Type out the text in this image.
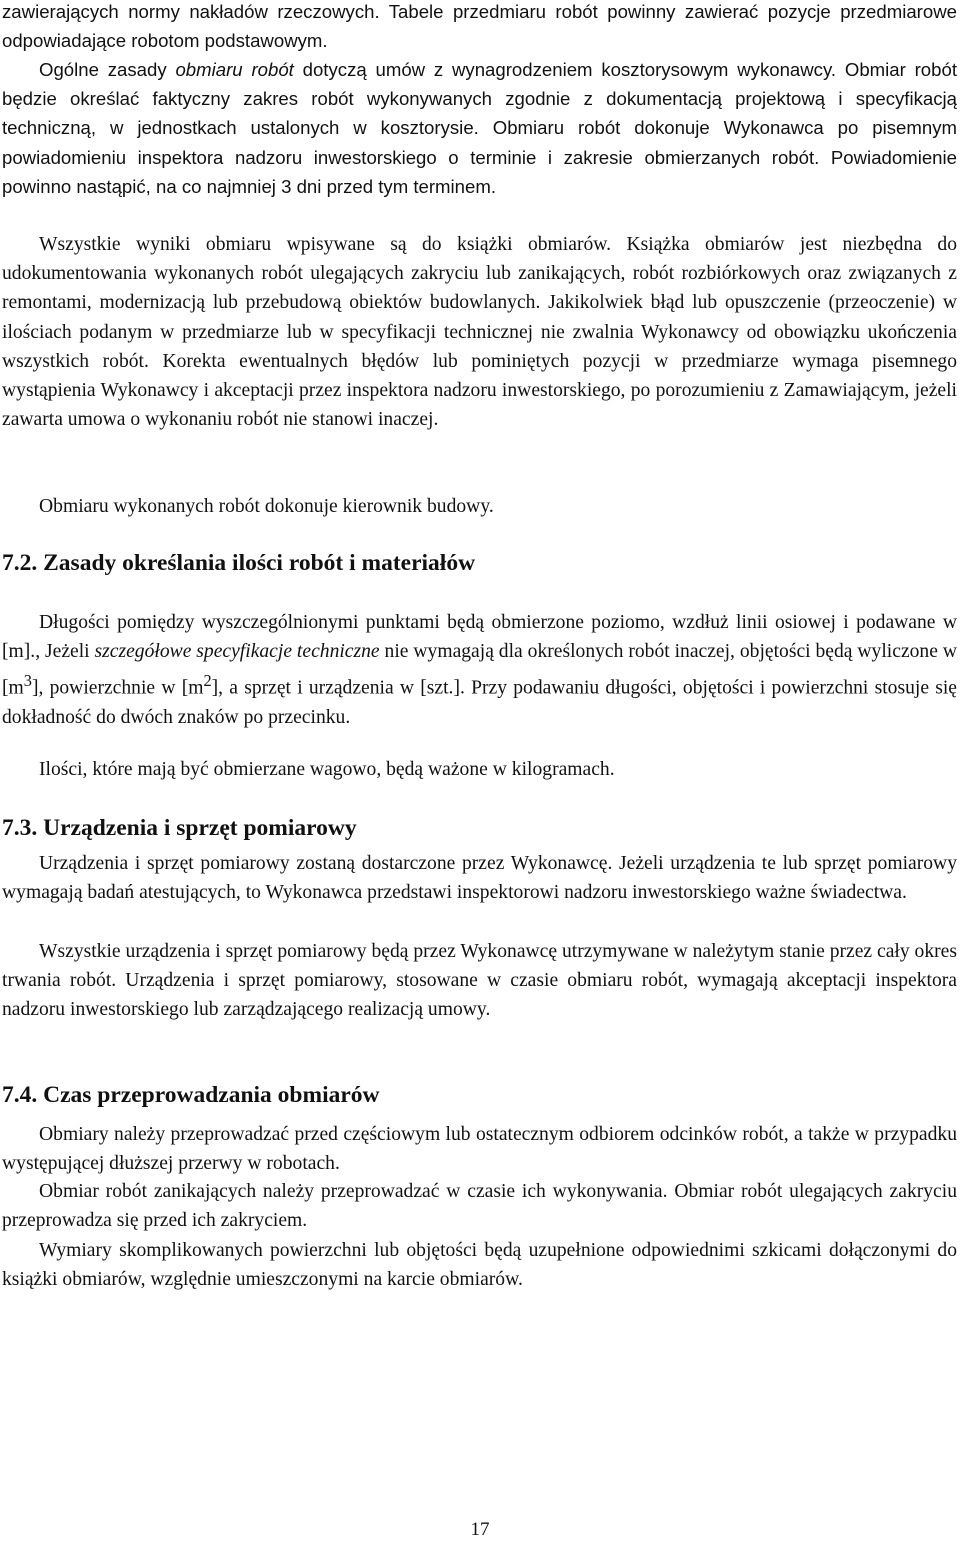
zawierających normy nakładów rzeczowych. Tabele przedmiaru robót powinny zawierać pozycje przedmiarowe odpowiadające robotom podstawowym.

Ogólne zasady obmiaru robót dotyczą umów z wynagrodzeniem kosztorysowym wykonawcy. Obmiar robót będzie określać faktyczny zakres robót wykonywanych zgodnie z dokumentacją projektową i specyfikacją techniczną, w jednostkach ustalonych w kosztorysie. Obmiaru robót dokonuje Wykonawca po pisemnym powiadomieniu inspektora nadzoru inwestorskiego o terminie i zakresie obmierzanych robót. Powiadomienie powinno nastąpić, na co najmniej 3 dni przed tym terminem.

Wszystkie wyniki obmiaru wpisywane są do książki obmiarów. Książka obmiarów jest niezbędna do udokumentowania wykonanych robót ulegających zakryciu lub zanikających, robót rozbiórkowych oraz związanych z remontami, modernizacją lub przebudową obiektów budowlanych. Jakikolwiek błąd lub opuszczenie (przeoczenie) w ilościach podanym w przedmiarze lub w specyfikacji technicznej nie zwalnia Wykonawcy od obowiązku ukończenia wszystkich robót. Korekta ewentualnych błędów lub pominiętych pozycji w przedmiarze wymaga pisemnego wystąpienia Wykonawcy i akceptacji przez inspektora nadzoru inwestorskiego, po porozumieniu z Zamawiającym, jeżeli zawarta umowa o wykonaniu robót nie stanowi inaczej.

Obmiaru wykonanych robót dokonuje kierownik budowy.

7.2. Zasady określania ilości robót i materiałów

Długości pomiędzy wyszczególnionymi punktami będą obmierzone poziomo, wzdłuż linii osiowej i podawane w [m]., Jeżeli szczegółowe specyfikacje techniczne nie wymagają dla określonych robót inaczej, objętości będą wyliczone w $[m^3]$, powierzchnie w $[m^2]$, a sprzęt i urządzenia w [szt.]. Przy podawaniu długości, objętości i powierzchni stosuje się dokładność do dwóch znaków po przecinku.

Ilości, które mają być obmierzane wagowo, będą ważone w kilogramach.

7.3. Urządzenia i sprzęt pomiarowy

Urządzenia i sprzęt pomiarowy zostaną dostarczone przez Wykonawcę. Jeżeli urządzenia te lub sprzęt pomiarowy wymagają badań atestujących, to Wykonawca przedstawi inspektorowi nadzoru inwestorskiego ważne świadectwa.

Wszystkie urządzenia i sprzęt pomiarowy będą przez Wykonawcę utrzymywane w należytym stanie przez cały okres trwania robót. Urządzenia i sprzęt pomiarowy, stosowane w czasie obmiaru robót, wymagają akceptacji inspektora nadzoru inwestorskiego lub zarządzającego realizacją umowy.

7.4. Czas przeprowadzania obmiarów

Obmiary należy przeprowadzać przed częściowym lub ostatecznym odbiorem odcinków robót, a także w przypadku występującej dłuższej przerwy w robotach.

Obmiar robót zanikających należy przeprowadzać w czasie ich wykonywania. Obmiar robót ulegających zakryciu przeprowadza się przed ich zakryciem.

Wymiary skomplikowanych powierzchni lub objętości będą uzupełnione odpowiednimi szkicami dołączonymi do książki obmiarów, względnie umieszczonymi na karcie obmiarów.

17
